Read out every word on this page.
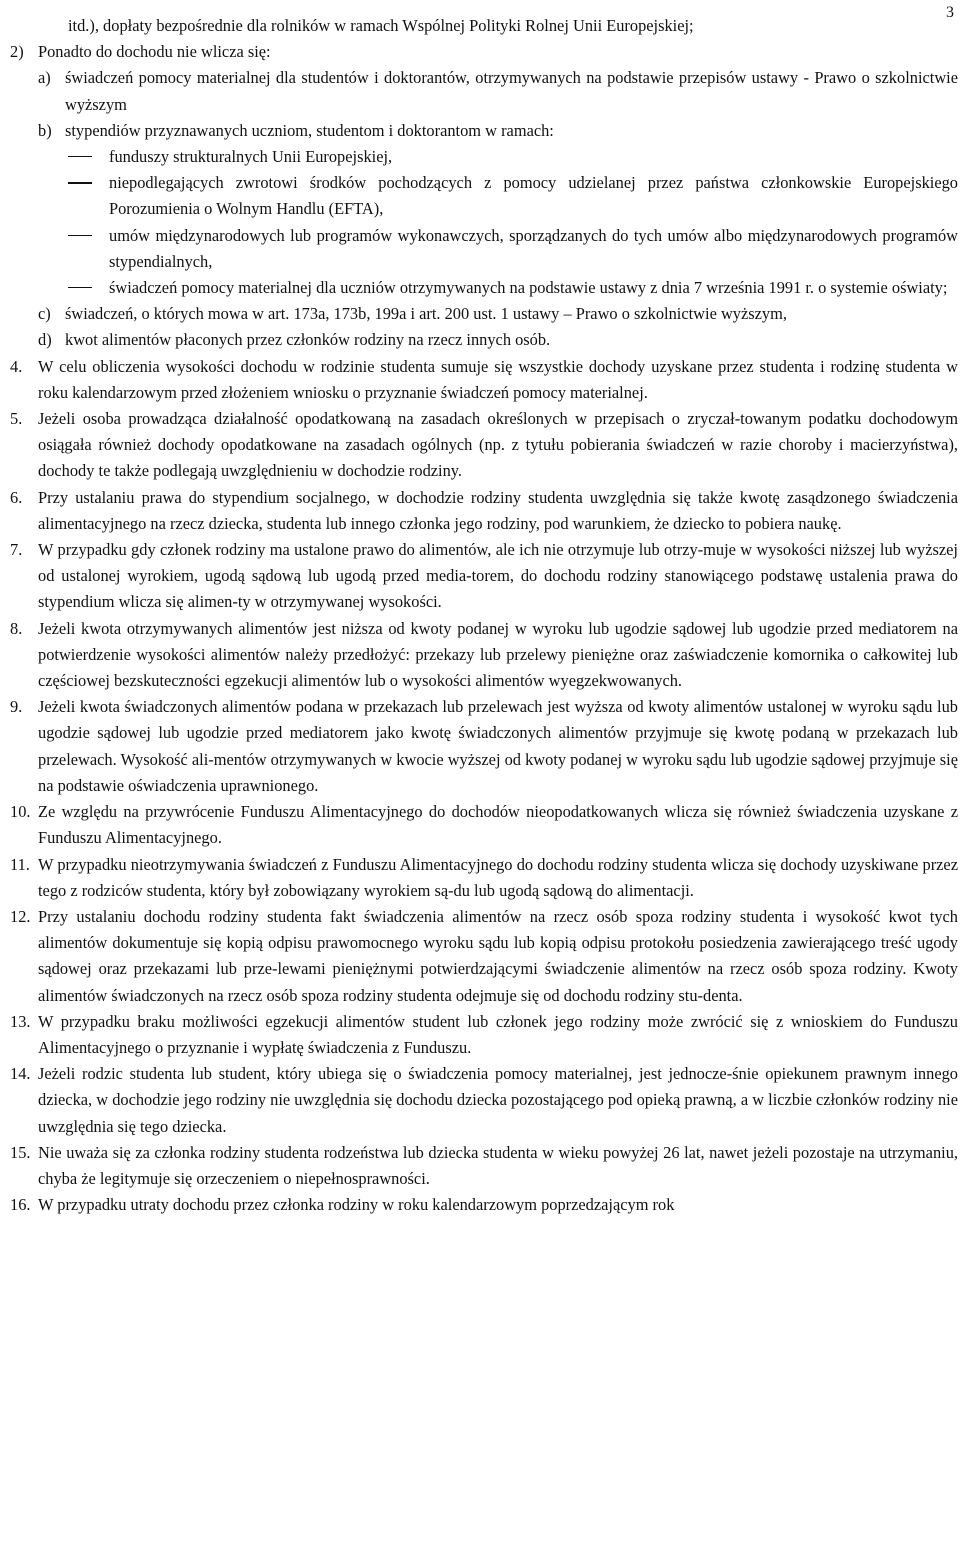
3
itd.), dopłaty bezpośrednie dla rolników w ramach Wspólnej Polityki Rolnej Unii Europejskiej;
2) Ponadto do dochodu nie wlicza się:
a) świadczeń pomocy materialnej dla studentów i doktorantów, otrzymywanych na podstawie przepisów ustawy - Prawo o szkolnictwie wyższym
b) stypendiów przyznawanych uczniom, studentom i doktorantom w ramach:
funduszy strukturalnych Unii Europejskiej,
niepodlegających zwrotowi środków pochodzących z pomocy udzielanej przez państwa członkowskie Europejskiego Porozumienia o Wolnym Handlu (EFTA),
umów międzynarodowych lub programów wykonawczych, sporządzanych do tych umów albo międzynarodowych programów stypendialnych,
świadczeń pomocy materialnej dla uczniów otrzymywanych na podstawie ustawy z dnia 7 września 1991 r. o systemie oświaty;
c) świadczeń, o których mowa w art. 173a, 173b, 199a i art. 200 ust. 1 ustawy – Prawo o szkolnictwie wyższym,
d) kwot alimentów płaconych przez członków rodziny na rzecz innych osób.
4. W celu obliczenia wysokości dochodu w rodzinie studenta sumuje się wszystkie dochody uzyskane przez studenta i rodzinę studenta w roku kalendarzowym przed złożeniem wniosku o przyznanie świadczeń pomocy materialnej.
5. Jeżeli osoba prowadząca działalność opodatkowaną na zasadach określonych w przepisach o zryczał-towanym podatku dochodowym osiągała również dochody opodatkowane na zasadach ogólnych (np. z tytułu pobierania świadczeń w razie choroby i macierzyństwa), dochody te także podlegają uwzględnieniu w dochodzie rodziny.
6. Przy ustalaniu prawa do stypendium socjalnego, w dochodzie rodziny studenta uwzględnia się także kwotę zasądzonego świadczenia alimentacyjnego na rzecz dziecka, studenta lub innego członka jego rodziny, pod warunkiem, że dziecko to pobiera naukę.
7. W przypadku gdy członek rodziny ma ustalone prawo do alimentów, ale ich nie otrzymuje lub otrzy-muje w wysokości niższej lub wyższej od ustalonej wyrokiem, ugodą sądową lub ugodą przed media-torem, do dochodu rodziny stanowiącego podstawę ustalenia prawa do stypendium wlicza się alimen-ty w otrzymywanej wysokości.
8. Jeżeli kwota otrzymywanych alimentów jest niższa od kwoty podanej w wyroku lub ugodzie sądowej lub ugodzie przed mediatorem na potwierdzenie wysokości alimentów należy przedłożyć: przekazy lub przelewy pieniężne oraz zaświadczenie komornika o całkowitej lub częściowej bezskuteczności egzekucji alimentów lub o wysokości alimentów wyegzekwowanych.
9. Jeżeli kwota świadczonych alimentów podana w przekazach lub przelewach jest wyższa od kwoty alimentów ustalonej w wyroku sądu lub ugodzie sądowej lub ugodzie przed mediatorem jako kwotę świadczonych alimentów przyjmuje się kwotę podaną w przekazach lub przelewach. Wysokość ali-mentów otrzymywanych w kwocie wyższej od kwoty podanej w wyroku sądu lub ugodzie sądowej przyjmuje się na podstawie oświadczenia uprawnionego.
10. Ze względu na przywrócenie Funduszu Alimentacyjnego do dochodów nieopodatkowanych wlicza się również świadczenia uzyskane z Funduszu Alimentacyjnego.
11. W przypadku nieotrzymywania świadczeń z Funduszu Alimentacyjnego do dochodu rodziny studenta wlicza się dochody uzyskiwane przez tego z rodziców studenta, który był zobowiązany wyrokiem są-du lub ugodą sądową do alimentacji.
12. Przy ustalaniu dochodu rodziny studenta fakt świadczenia alimentów na rzecz osób spoza rodziny studenta i wysokość kwot tych alimentów dokumentuje się kopią odpisu prawomocnego wyroku sądu lub kopią odpisu protokołu posiedzenia zawierającego treść ugody sądowej oraz przekazami lub prze-lewami pieniężnymi potwierdzającymi świadczenie alimentów na rzecz osób spoza rodziny. Kwoty alimentów świadczonych na rzecz osób spoza rodziny studenta odejmuje się od dochodu rodziny stu-denta.
13. W przypadku braku możliwości egzekucji alimentów student lub członek jego rodziny może zwrócić się z wnioskiem do Funduszu Alimentacyjnego o przyznanie i wypłatę świadczenia z Funduszu.
14. Jeżeli rodzic studenta lub student, który ubiega się o świadczenia pomocy materialnej, jest jednocze-śnie opiekunem prawnym innego dziecka, w dochodzie jego rodziny nie uwzględnia się dochodu dziecka pozostającego pod opieką prawną, a w liczbie członków rodziny nie uwzględnia się tego dziecka.
15. Nie uważa się za członka rodziny studenta rodzeństwa lub dziecka studenta w wieku powyżej 26 lat, nawet jeżeli pozostaje na utrzymaniu, chyba że legitymuje się orzeczeniem o niepełnosprawności.
16. W przypadku utraty dochodu przez członka rodziny w roku kalendarzowym poprzedzającym rok
